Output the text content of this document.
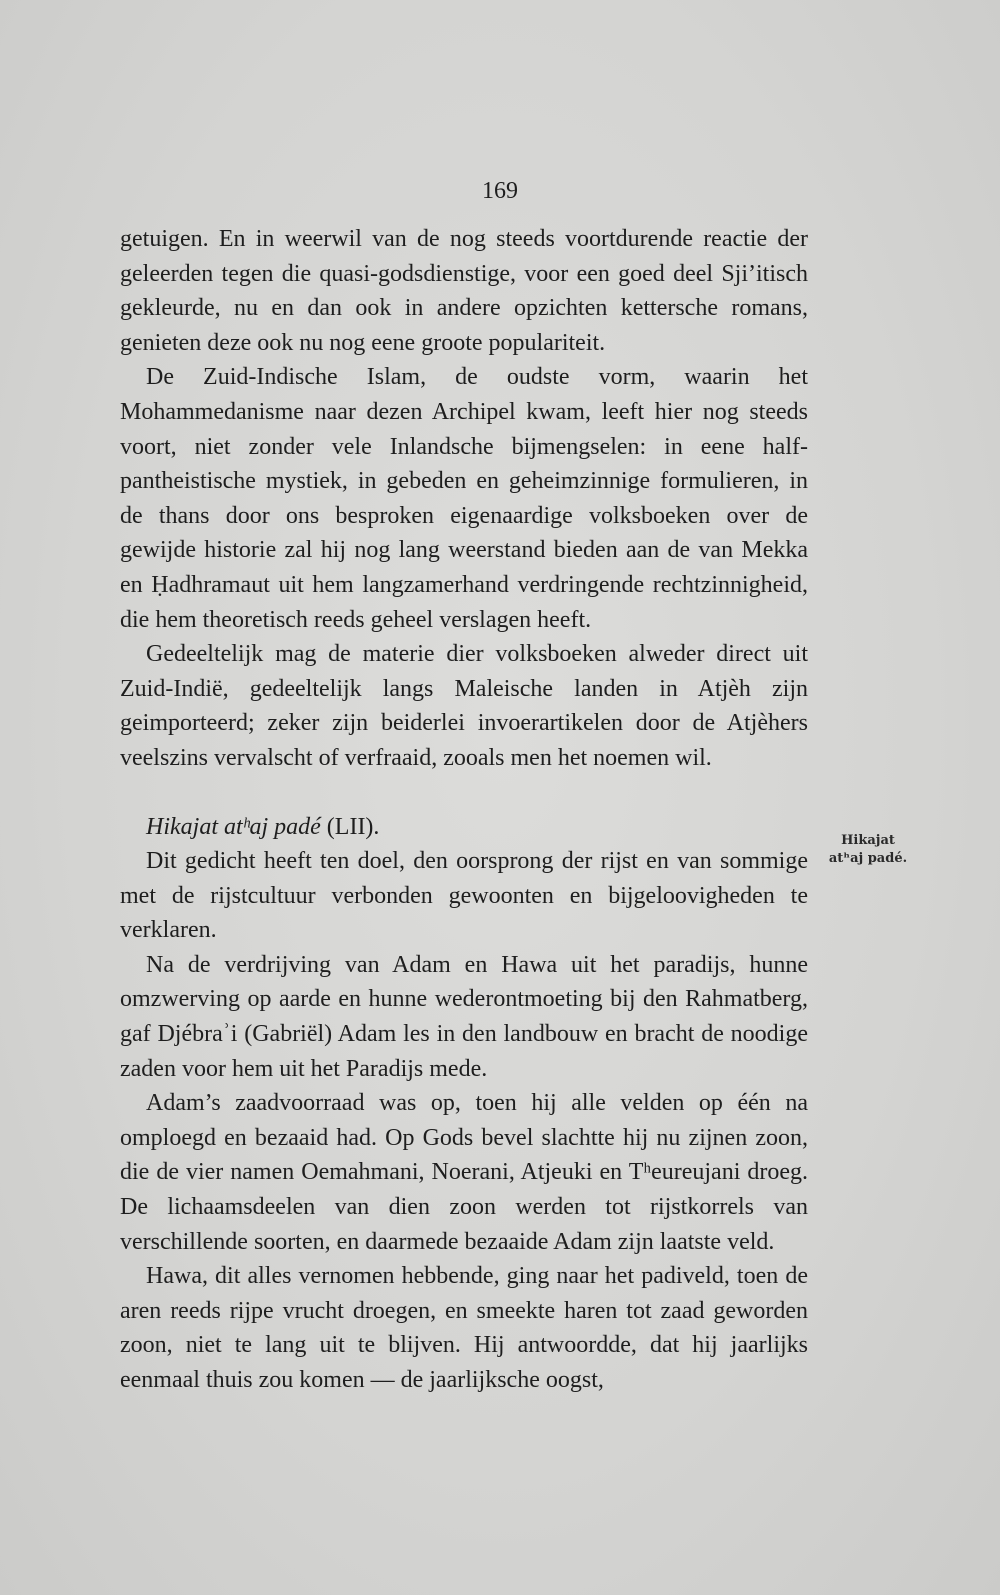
169

getuigen. En in weerwil van de nog steeds voortdurende reactie der geleerden tegen die quasi-godsdienstige, voor een goed deel Sji’itisch gekleurde, nu en dan ook in andere opzichten kettersche romans, genieten deze ook nu nog eene groote populariteit.

De Zuid-Indische Islam, de oudste vorm, waarin het Mohammedanisme naar dezen Archipel kwam, leeft hier nog steeds voort, niet zonder vele Inlandsche bijmengselen: in eene half-pantheistische mystiek, in gebeden en geheimzinnige formulieren, in de thans door ons besproken eigenaardige volksboeken over de gewijde historie zal hij nog lang weerstand bieden aan de van Mekka en Ḥadhramaut uit hem langzamerhand verdringende rechtzinnigheid, die hem theoretisch reeds geheel verslagen heeft.

Gedeeltelijk mag de materie dier volksboeken alweder direct uit Zuid-Indië, gedeeltelijk langs Maleische landen in Atjèh zijn geimporteerd; zeker zijn beiderlei invoerartikelen door de Atjèhers veelszins vervalscht of verfraaid, zooals men het noemen wil.

Hikajat atʰaj padé (LII).

Dit gedicht heeft ten doel, den oorsprong der rijst en van sommige met de rijstcultuur verbonden gewoonten en bijgeloovigheden te verklaren.

Na de verdrijving van Adam en Hawa uit het paradijs, hunne omzwerving op aarde en hunne wederontmoeting bij den Rahmatberg, gaf Djébraʾi (Gabriël) Adam les in den landbouw en bracht de noodige zaden voor hem uit het Paradijs mede.

Adam’s zaadvoorraad was op, toen hij alle velden op één na omploegd en bezaaid had. Op Gods bevel slachtte hij nu zijnen zoon, die de vier namen Oemahmani, Noerani, Atjeuki en Tʰeureujani droeg. De lichaamsdeelen van dien zoon werden tot rijstkorrels van verschillende soorten, en daarmede bezaaide Adam zijn laatste veld.

Hawa, dit alles vernomen hebbende, ging naar het padiveld, toen de aren reeds rijpe vrucht droegen, en smeekte haren tot zaad geworden zoon, niet te lang uit te blijven. Hij antwoordde, dat hij jaarlijks eenmaal thuis zou komen — de jaarlijksche oogst,

Hikajat
atʰaj padé.
